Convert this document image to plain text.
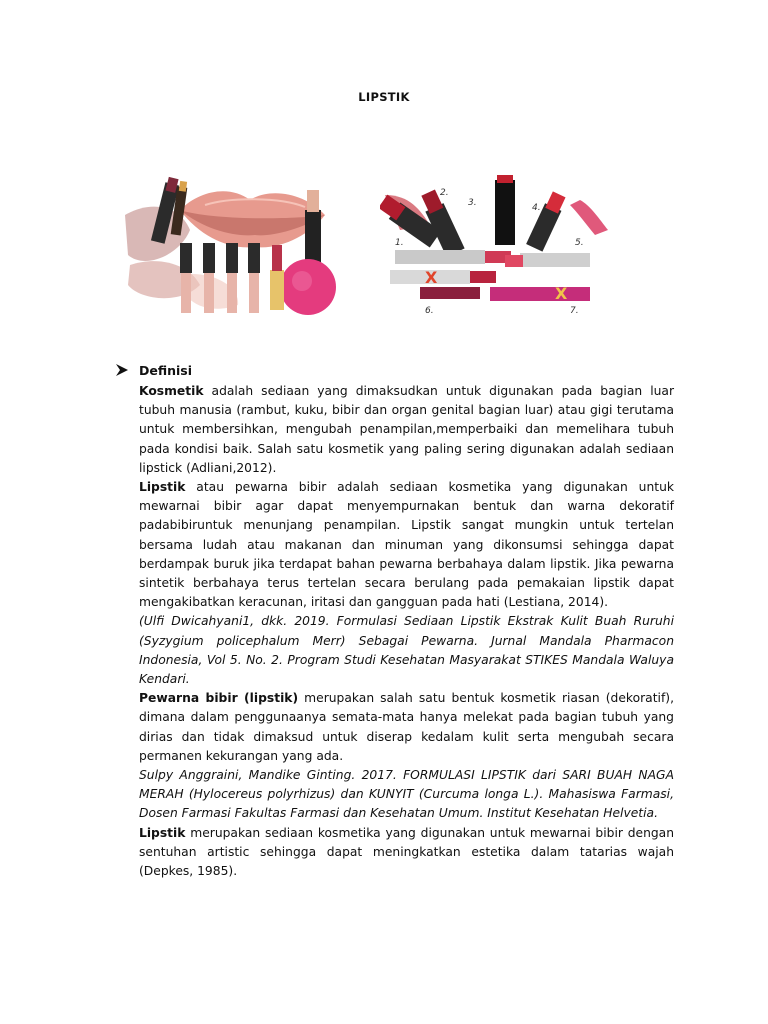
LIPSTIK
X
X
1.
2.
3.	4.
5.
6.	7.
Definisi

Kosmetik adalah sediaan yang dimaksudkan untuk digunakan pada bagian luar tubuh manusia (rambut, kuku, bibir dan organ genital bagian luar) atau gigi terutama untuk membersihkan, mengubah penampilan,memperbaiki dan memelihara tubuh pada kondisi baik. Salah satu kosmetik yang paling sering digunakan adalah sediaan lipstick (Adliani,2012).

Lipstik atau pewarna bibir adalah sediaan kosmetika yang digunakan untuk mewarnai bibir agar dapat menyempurnakan bentuk dan warna dekoratif padabibiruntuk menunjang penampilan. Lipstik sangat mungkin untuk tertelan bersama ludah atau makanan dan minuman yang dikonsumsi sehingga dapat berdampak buruk jika terdapat bahan pewarna berbahaya dalam lipstik. Jika pewarna sintetik berbahaya terus tertelan secara berulang pada pemakaian lipstik dapat mengakibatkan keracunan, iritasi dan gangguan pada hati (Lestiana, 2014).

(Ulfi Dwicahyani1, dkk. 2019. Formulasi Sediaan Lipstik Ekstrak Kulit Buah Ruruhi (Syzygium policephalum Merr) Sebagai Pewarna. Jurnal Mandala Pharmacon Indonesia, Vol 5. No. 2. Program Studi Kesehatan Masyarakat STIKES Mandala Waluya Kendari.

Pewarna bibir (lipstik) merupakan salah satu bentuk kosmetik riasan (dekoratif), dimana dalam penggunaanya semata-mata hanya melekat pada bagian tubuh yang dirias dan tidak dimaksud untuk diserap kedalam kulit serta mengubah secara permanen kekurangan yang ada.

Sulpy Anggraini, Mandike Ginting. 2017. FORMULASI LIPSTIK dari SARI BUAH NAGA MERAH (Hylocereus polyrhizus) dan KUNYIT (Curcuma longa L.). Mahasiswa Farmasi, Dosen Farmasi Fakultas Farmasi dan Kesehatan Umum. Institut Kesehatan Helvetia.

Lipstik merupakan sediaan kosmetika yang digunakan untuk mewarnai bibir dengan sentuhan artistic sehingga dapat meningkatkan estetika dalam tatarias wajah (Depkes, 1985).
